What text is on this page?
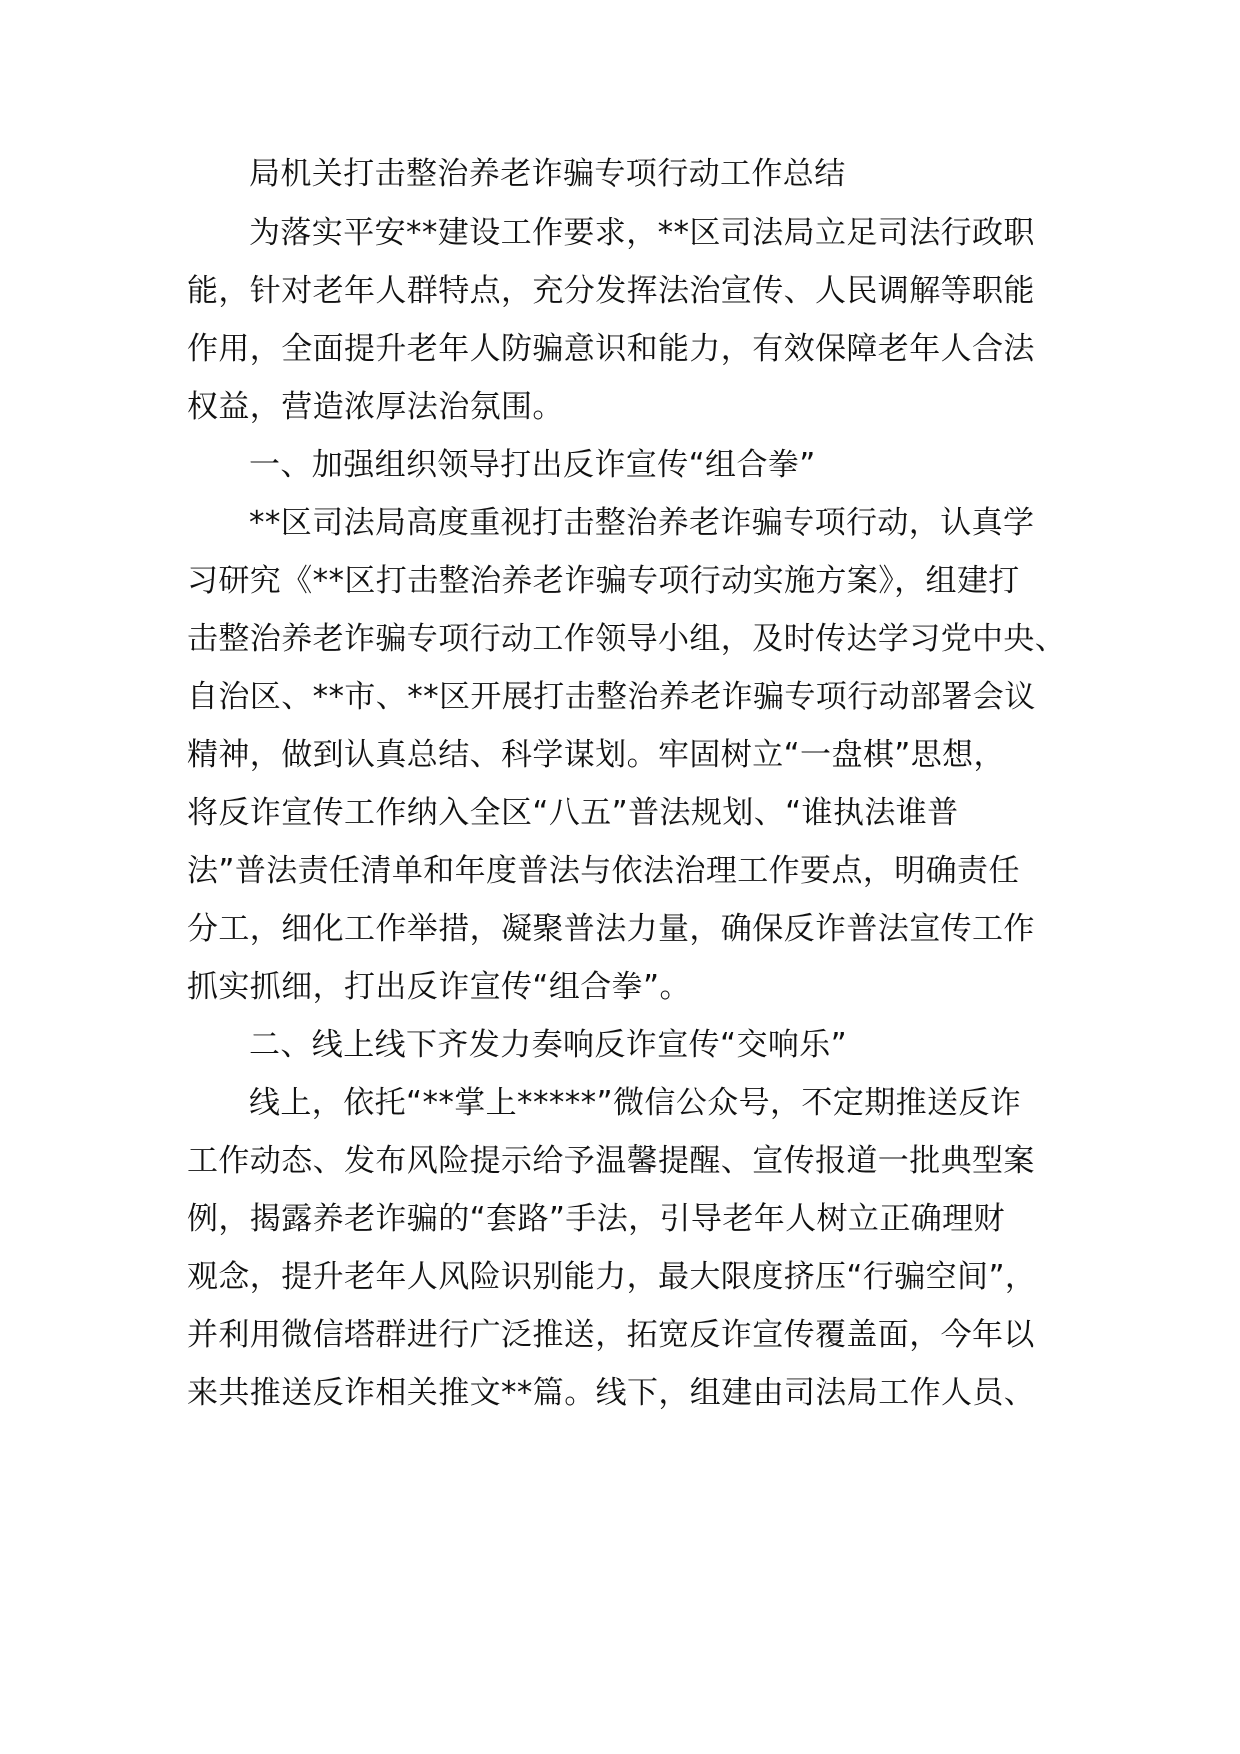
局机关打击整治养老诈骗专项行动工作总结
为落实平安**建设工作要求，**区司法局立足司法行政职
能，针对老年人群特点，充分发挥法治宣传、人民调解等职能
作用，全面提升老年人防骗意识和能力，有效保障老年人合法
权益，营造浓厚法治氛围。
一、加强组织领导打出反诈宣传“组合拳”
**区司法局高度重视打击整治养老诈骗专项行动，认真学
习研究《**区打击整治养老诈骗专项行动实施方案》，组建打
击整治养老诈骗专项行动工作领导小组，及时传达学习党中央、
自治区、**市、**区开展打击整治养老诈骗专项行动部署会议
精神，做到认真总结、科学谋划。牢固树立“一盘棋”思想，
将反诈宣传工作纳入全区“八五”普法规划、“谁执法谁普
法”普法责任清单和年度普法与依法治理工作要点，明确责任
分工，细化工作举措，凝聚普法力量，确保反诈普法宣传工作
抓实抓细，打出反诈宣传“组合拳”。
二、线上线下齐发力奏响反诈宣传“交响乐”
线上，依托“**掌上*****”微信公众号，不定期推送反诈
工作动态、发布风险提示给予温馨提醒、宣传报道一批典型案
例，揭露养老诈骗的“套路”手法，引导老年人树立正确理财
观念，提升老年人风险识别能力，最大限度挤压“行骗空间”，
并利用微信塔群进行广泛推送，拓宽反诈宣传覆盖面，今年以
来共推送反诈相关推文**篇。线下，组建由司法局工作人员、
